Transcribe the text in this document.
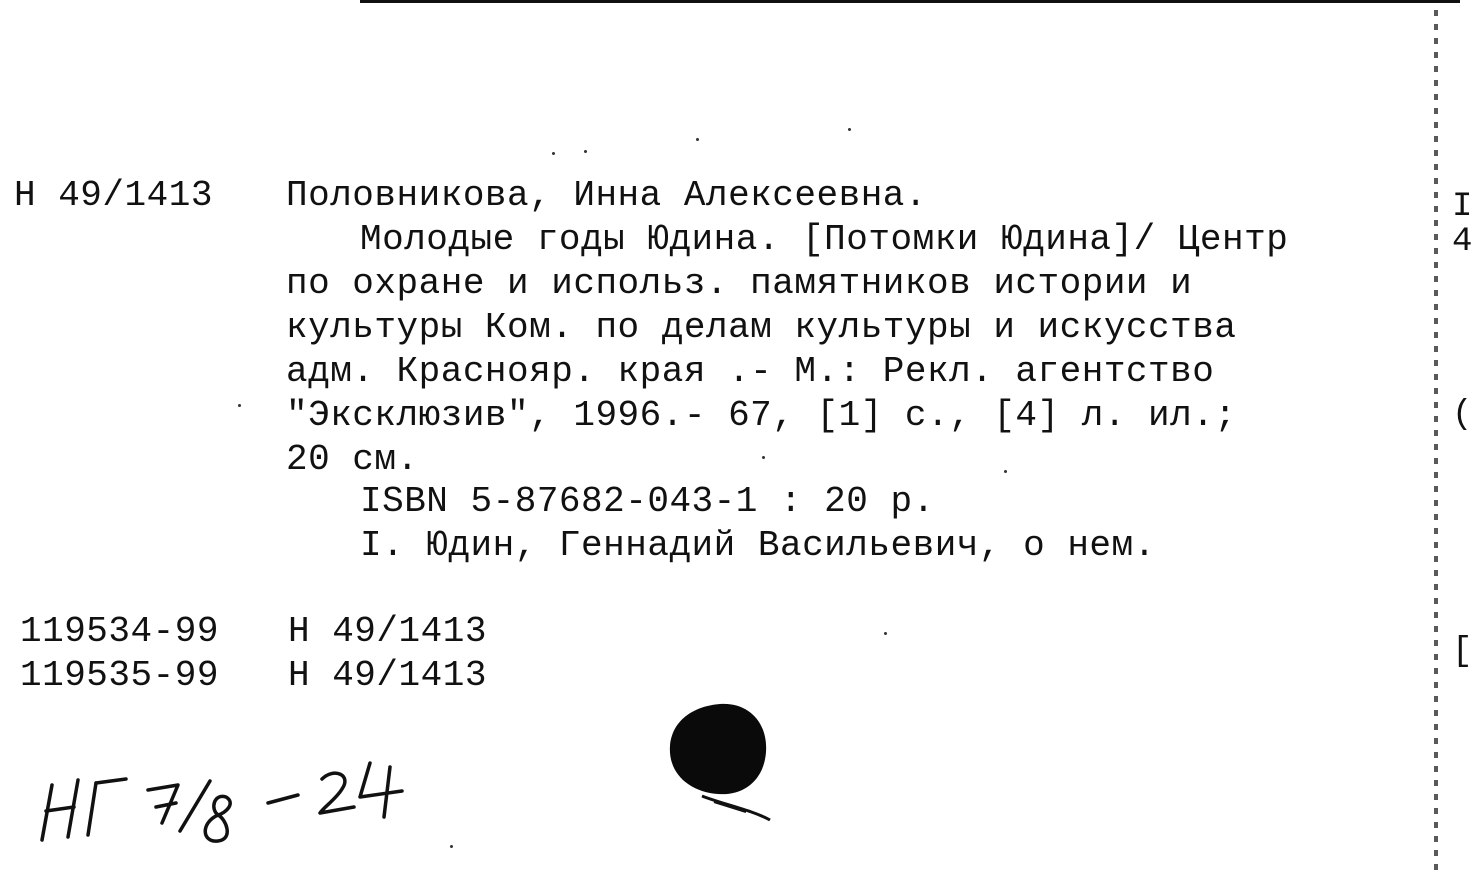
I
4
(
[
Н 49/1413 Половникова, Инна Алексеевна.
Молодые годы Юдина. [Потомки Юдина]/ Центр
по охране и использ. памятников истории и
культуры Ком. по делам культуры и искусства
адм. Краснояр. края .- М.: Рекл. агентство
"Эксклюзив", 1996.- 67, [1] с., [4] л. ил.;
20 см.
ISBN 5-87682-043-1 : 20 р.
I. Юдин, Геннадий Васильевич, о нем.
119534-99 Н 49/1413
119535-99 Н 49/1413
